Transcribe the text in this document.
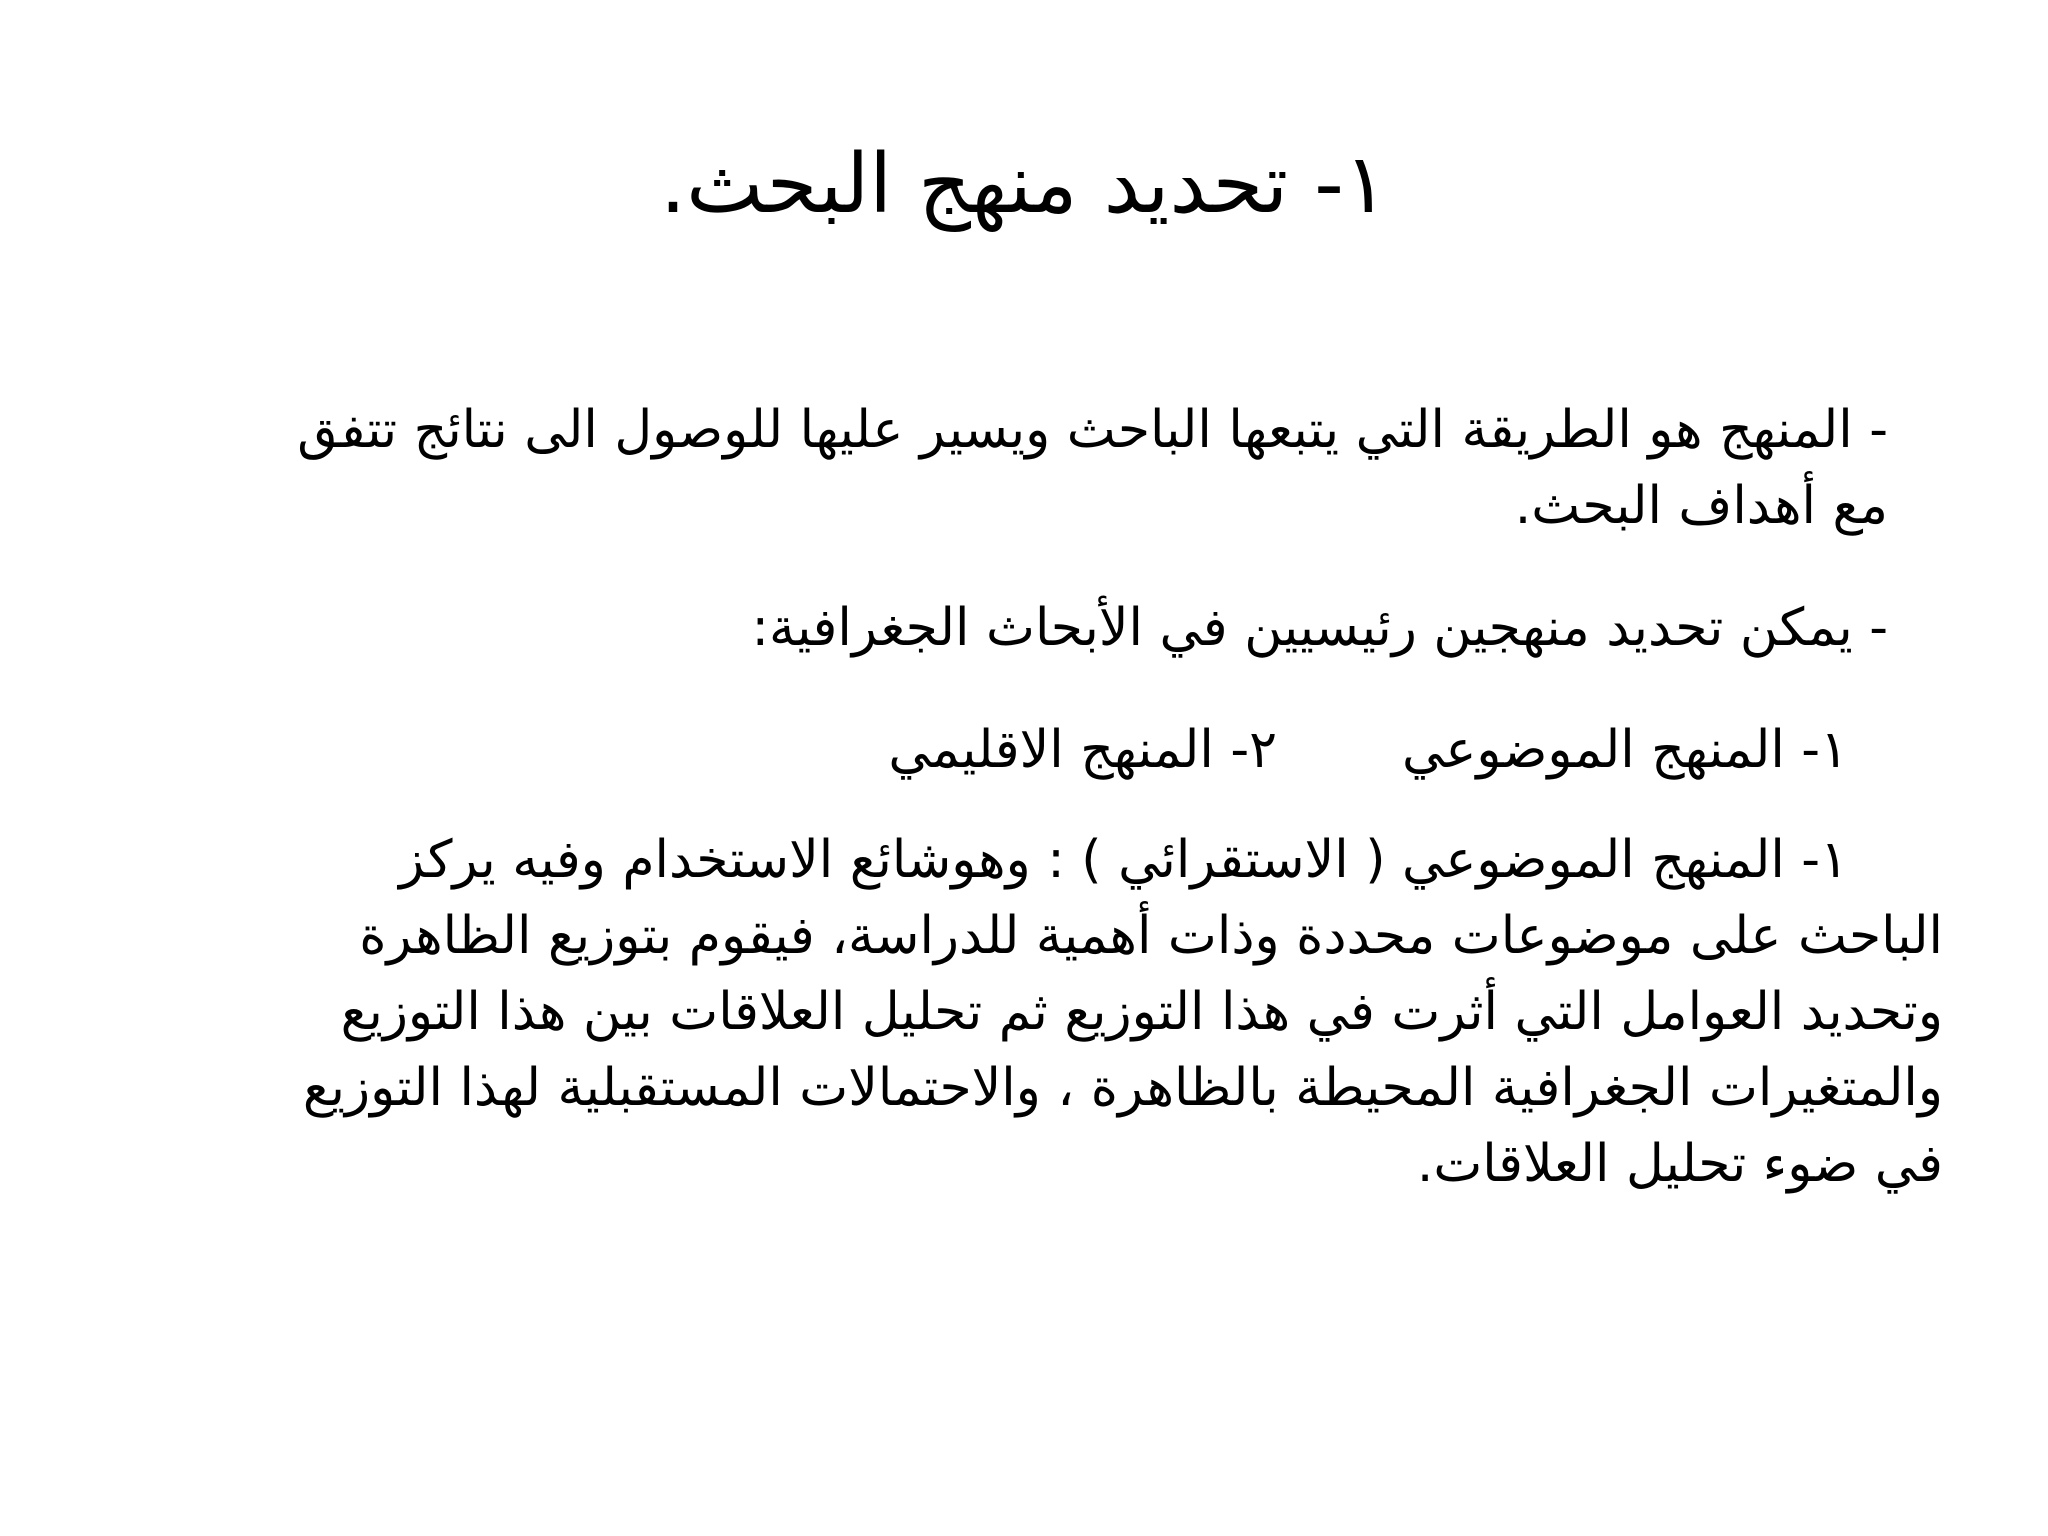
١- تحديد منهج البحث.

- المنهج هو الطريقة التي يتبعها الباحث ويسير عليها للوصول الى نتائج تتفق مع أهداف البحث.

- يمكن تحديد منهجين رئيسيين في الأبحاث الجغرافية:

١- المنهج الموضوعي
٢- المنهج الاقليمي

١- المنهج الموضوعي ( الاستقرائي ) : وهوشائع الاستخدام وفيه يركز الباحث على موضوعات محددة وذات أهمية للدراسة، فيقوم بتوزيع الظاهرة وتحديد العوامل التي أثرت في هذا التوزيع ثم تحليل العلاقات بين هذا التوزيع والمتغيرات الجغرافية المحيطة بالظاهرة ، والاحتمالات المستقبلية لهذا التوزيع في ضوء تحليل العلاقات.
